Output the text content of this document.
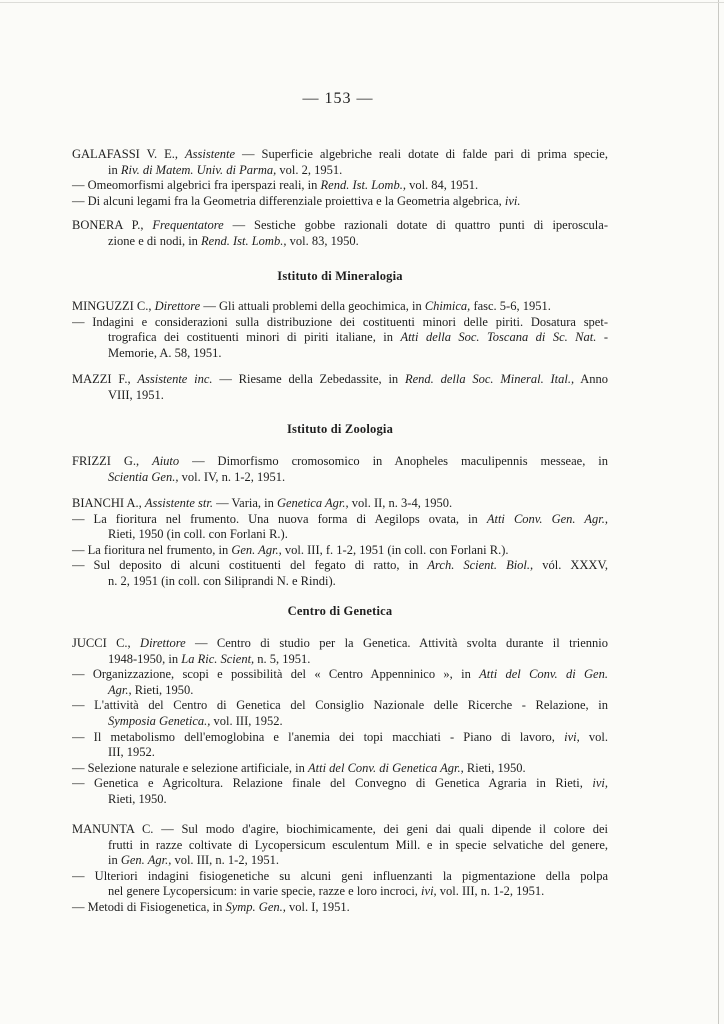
— 153 —
GALAFASSI V. E., Assistente — Superficie algebriche reali dotate di falde pari di prima specie,
in Riv. di Matem. Univ. di Parma, vol. 2, 1951.
— Omeomorfismi algebrici fra iperspazi reali, in Rend. Ist. Lomb., vol. 84, 1951.
— Di alcuni legami fra la Geometria differenziale proiettiva e la Geometria algebrica, ivi.
BONERA P., Frequentatore — Sestiche gobbe razionali dotate di quattro punti di iperoscula-
zione e di nodi, in Rend. Ist. Lomb., vol. 83, 1950.
Istituto di Mineralogia
MINGUZZI C., Direttore — Gli attuali problemi della geochimica, in Chimica, fasc. 5-6, 1951.
— Indagini e considerazioni sulla distribuzione dei costituenti minori delle piriti. Dosatura spet-
trografica dei costituenti minori di piriti italiane, in Atti della Soc. Toscana di Sc. Nat. -
Memorie, A. 58, 1951.
MAZZI F., Assistente inc. — Riesame della Zebedassite, in Rend. della Soc. Mineral. Ital., Anno
VIII, 1951.
Istituto di Zoologia
FRIZZI G., Aiuto — Dimorfismo cromosomico in Anopheles maculipennis messeae, in
Scientia Gen., vol. IV, n. 1-2, 1951.
BIANCHI A., Assistente str. — Varia, in Genetica Agr., vol. II, n. 3-4, 1950.
— La fioritura nel frumento. Una nuova forma di Aegilops ovata, in Atti Conv. Gen. Agr.,
Rieti, 1950 (in coll. con Forlani R.).
— La fioritura nel frumento, in Gen. Agr., vol. III, f. 1-2, 1951 (in coll. con Forlani R.).
— Sul deposito di alcuni costituenti del fegato di ratto, in Arch. Scient. Biol., vól. XXXV,
n. 2, 1951 (in coll. con Siliprandi N. e Rindi).
Centro di Genetica
JUCCI C., Direttore — Centro di studio per la Genetica. Attività svolta durante il triennio
1948-1950, in La Ric. Scient, n. 5, 1951.
— Organizzazione, scopi e possibilità del « Centro Appenninico », in Atti del Conv. di Gen.
Agr., Rieti, 1950.
— L'attività del Centro di Genetica del Consiglio Nazionale delle Ricerche - Relazione, in
Symposia Genetica., vol. III, 1952.
— Il metabolismo dell'emoglobina e l'anemia dei topi macchiati - Piano di lavoro, ivi, vol.
III, 1952.
— Selezione naturale e selezione artificiale, in Atti del Conv. di Genetica Agr., Rieti, 1950.
— Genetica e Agricoltura. Relazione finale del Convegno di Genetica Agraria in Rieti, ivi,
Rieti, 1950.
MANUNTA C. — Sul modo d'agire, biochimicamente, dei geni dai quali dipende il colore dei
frutti in razze coltivate di Lycopersicum esculentum Mill. e in specie selvatiche del genere,
in Gen. Agr., vol. III, n. 1-2, 1951.
— Ulteriori indagini fisiogenetiche su alcuni geni influenzanti la pigmentazione della polpa
nel genere Lycopersicum: in varie specie, razze e loro incroci, ivi, vol. III, n. 1-2, 1951.
— Metodi di Fisiogenetica, in Symp. Gen., vol. I, 1951.
